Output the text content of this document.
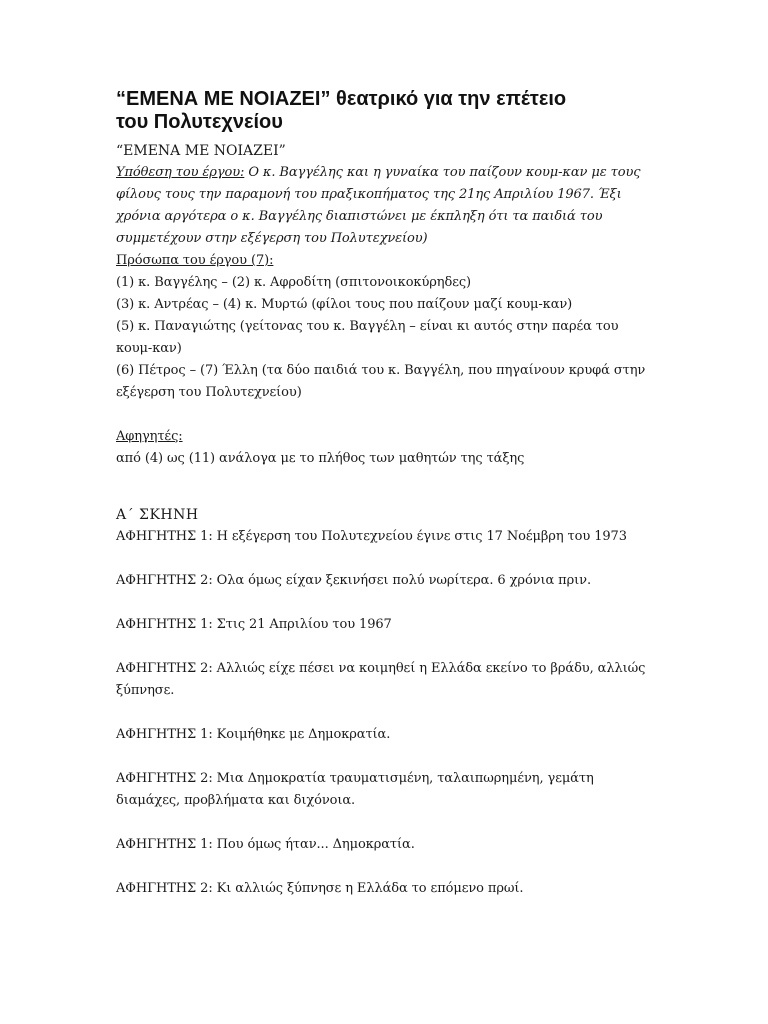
“ΕΜΕΝΑ ΜΕ ΝΟΙΑΖΕΙ” θεατρικό για την επέτειο
του Πολυτεχνείου
“ΕΜΕΝΑ ΜΕ ΝΟΙΑΖΕΙ”

Υπόθεση του έργου: Ο κ. Βαγγέλης και η γυναίκα του παίζουν κουμ-καν με τους φίλους τους την παραμονή του πραξικοπήματος της 21ης Απριλίου 1967. Έξι χρόνια αργότερα ο κ. Βαγγέλης διαπιστώνει με έκπληξη ότι τα παιδιά του συμμετέχουν στην εξέγερση του Πολυτεχνείου)

Πρόσωπα του έργου (7):

(1) κ. Βαγγέλης – (2) κ. Αφροδίτη (σπιτονοικοκύρηδες)

(3) κ. Αντρέας – (4) κ. Μυρτώ (φίλοι τους που παίζουν μαζί κουμ-καν)

(5) κ. Παναγιώτης (γείτονας του κ. Βαγγέλη – είναι κι αυτός στην παρέα του κουμ-καν)

(6) Πέτρος – (7) Έλλη (τα δύο παιδιά του κ. Βαγγέλη, που πηγαίνουν κρυφά στην εξέγερση του Πολυτεχνείου)

Αφηγητές:

από (4) ως (11) ανάλογα με το πλήθος των μαθητών της τάξης

Α΄ ΣΚΗΝΗ

ΑΦΗΓΗΤΗΣ 1: Η εξέγερση του Πολυτεχνείου έγινε στις 17 Νοέμβρη του 1973

ΑΦΗΓΗΤΗΣ 2: Ολα όμως είχαν ξεκινήσει πολύ νωρίτερα. 6 χρόνια πριν.

ΑΦΗΓΗΤΗΣ 1: Στις 21 Απριλίου του 1967

ΑΦΗΓΗΤΗΣ 2: Αλλιώς είχε πέσει να κοιμηθεί η Ελλάδα εκείνο το βράδυ, αλλιώς ξύπνησε.

ΑΦΗΓΗΤΗΣ 1: Κοιμήθηκε με Δημοκρατία.

ΑΦΗΓΗΤΗΣ 2: Μια Δημοκρατία τραυματισμένη, ταλαιπωρημένη, γεμάτη διαμάχες, προβλήματα και διχόνοια.

ΑΦΗΓΗΤΗΣ 1: Που όμως ήταν... Δημοκρατία.

ΑΦΗΓΗΤΗΣ 2: Κι αλλιώς ξύπνησε η Ελλάδα το επόμενο πρωί.
